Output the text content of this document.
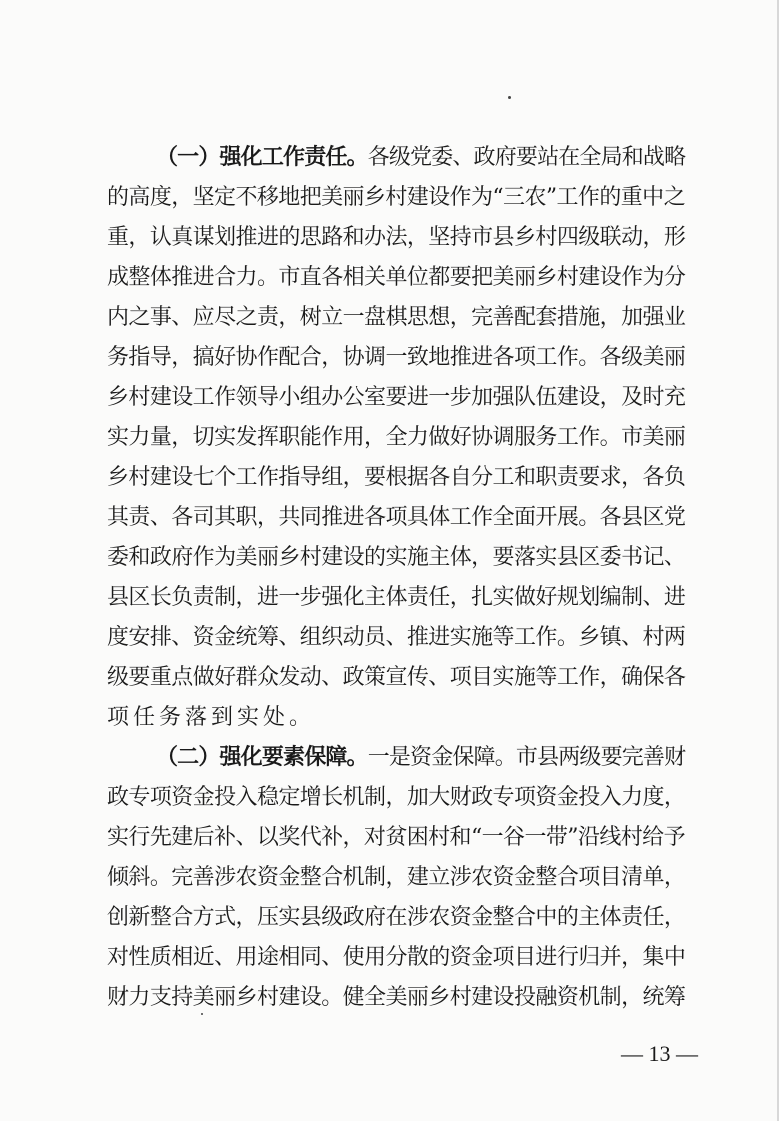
（一）强化工作责任。各级党委、政府要站在全局和战略
的高度，坚定不移地把美丽乡村建设作为“三农”工作的重中之
重，认真谋划推进的思路和办法，坚持市县乡村四级联动，形
成整体推进合力。市直各相关单位都要把美丽乡村建设作为分
内之事、应尽之责，树立一盘棋思想，完善配套措施，加强业
务指导，搞好协作配合，协调一致地推进各项工作。各级美丽
乡村建设工作领导小组办公室要进一步加强队伍建设，及时充
实力量，切实发挥职能作用，全力做好协调服务工作。市美丽
乡村建设七个工作指导组，要根据各自分工和职责要求，各负
其责、各司其职，共同推进各项具体工作全面开展。各县区党
委和政府作为美丽乡村建设的实施主体，要落实县区委书记、
县区长负责制，进一步强化主体责任，扎实做好规划编制、进
度安排、资金统筹、组织动员、推进实施等工作。乡镇、村两
级要重点做好群众发动、政策宣传、项目实施等工作，确保各
项任务落到实处。
（二）强化要素保障。一是资金保障。市县两级要完善财
政专项资金投入稳定增长机制，加大财政专项资金投入力度，
实行先建后补、以奖代补，对贫困村和“一谷一带”沿线村给予
倾斜。完善涉农资金整合机制，建立涉农资金整合项目清单，
创新整合方式，压实县级政府在涉农资金整合中的主体责任，
对性质相近、用途相同、使用分散的资金项目进行归并，集中
财力支持美丽乡村建设。健全美丽乡村建设投融资机制，统筹
— 13 —
